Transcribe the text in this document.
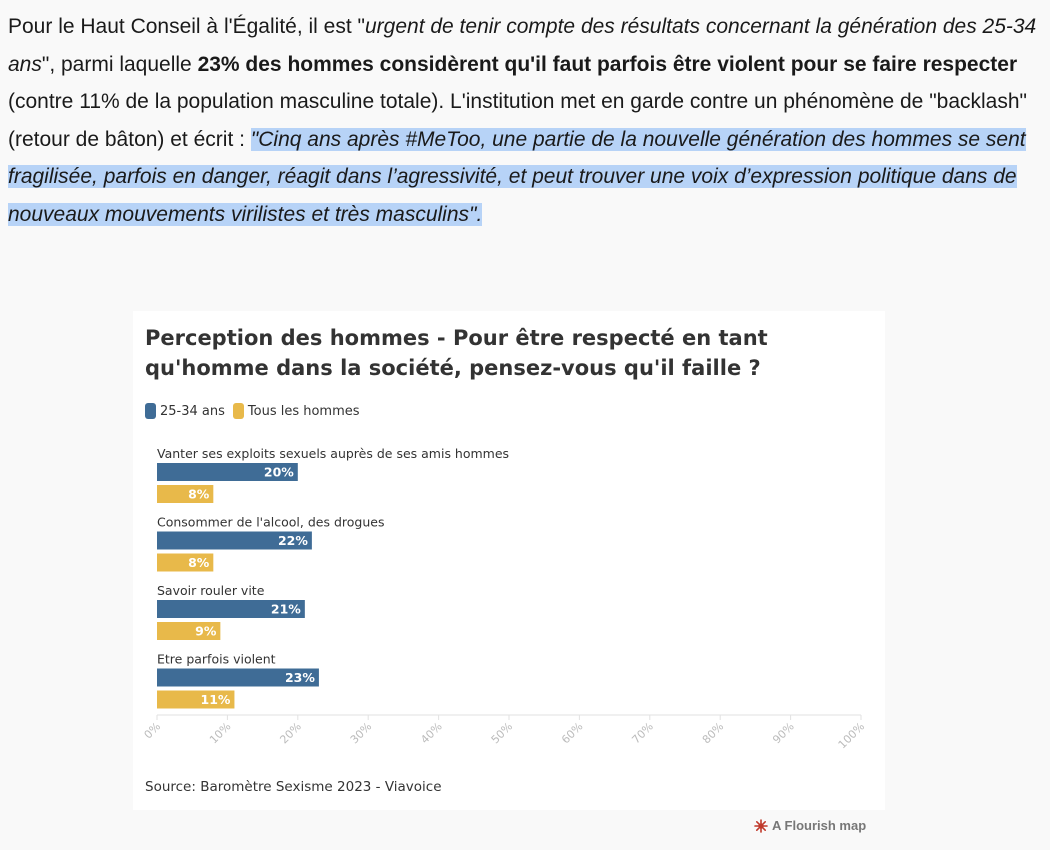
Pour le Haut Conseil à l'Égalité, il est "urgent de tenir compte des résultats concernant la génération des 25-34 ans", parmi laquelle 23% des hommes considèrent qu'il faut parfois être violent pour se faire respecter (contre 11% de la population masculine totale). L'institution met en garde contre un phénomène de "backlash" (retour de bâton) et écrit : "Cinq ans après #MeToo, une partie de la nouvelle génération des hommes se sent fragilisée, parfois en danger, réagit dans l’agressivité, et peut trouver une voix d’expression politique dans de nouveaux mouvements virilistes et très masculins".
Perception des hommes - Pour être respecté en tant qu'homme dans la société, pensez-vous qu'il faille ?
25-34 ans Tous les hommes
Vanter ses exploits sexuels auprès de ses amis hommes
20%
8%
Consommer de l'alcool, des drogues
22%
8%
Savoir rouler vite
21%
9%
Etre parfois violent
23%
11%
0%	10%	20%	30%	40%	50%	60%	70%	80%	90%	100%
Source: Baromètre Sexisme 2023 - Viavoice
A Flourish map
